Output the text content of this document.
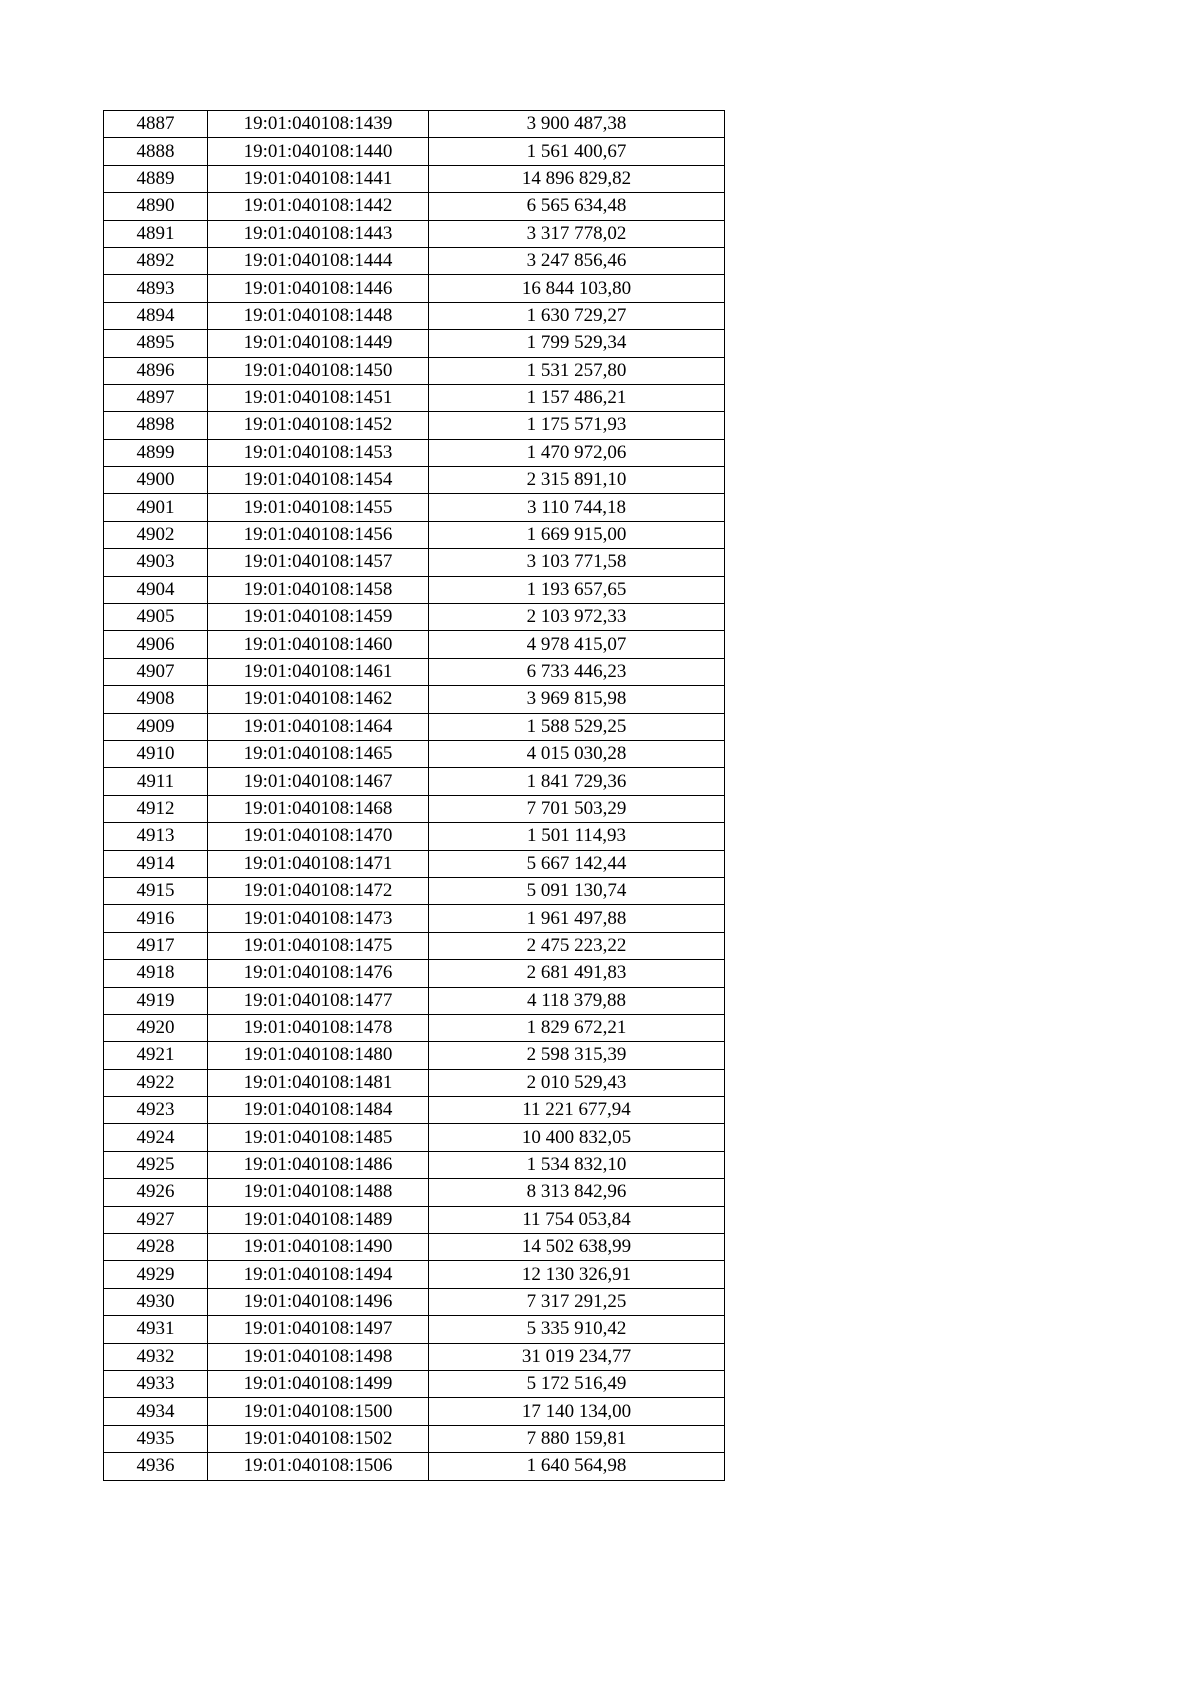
4887	19:01:040108:1439	3 900 487,38
4888	19:01:040108:1440	1 561 400,67
4889	19:01:040108:1441	14 896 829,82
4890	19:01:040108:1442	6 565 634,48
4891	19:01:040108:1443	3 317 778,02
4892	19:01:040108:1444	3 247 856,46
4893	19:01:040108:1446	16 844 103,80
4894	19:01:040108:1448	1 630 729,27
4895	19:01:040108:1449	1 799 529,34
4896	19:01:040108:1450	1 531 257,80
4897	19:01:040108:1451	1 157 486,21
4898	19:01:040108:1452	1 175 571,93
4899	19:01:040108:1453	1 470 972,06
4900	19:01:040108:1454	2 315 891,10
4901	19:01:040108:1455	3 110 744,18
4902	19:01:040108:1456	1 669 915,00
4903	19:01:040108:1457	3 103 771,58
4904	19:01:040108:1458	1 193 657,65
4905	19:01:040108:1459	2 103 972,33
4906	19:01:040108:1460	4 978 415,07
4907	19:01:040108:1461	6 733 446,23
4908	19:01:040108:1462	3 969 815,98
4909	19:01:040108:1464	1 588 529,25
4910	19:01:040108:1465	4 015 030,28
4911	19:01:040108:1467	1 841 729,36
4912	19:01:040108:1468	7 701 503,29
4913	19:01:040108:1470	1 501 114,93
4914	19:01:040108:1471	5 667 142,44
4915	19:01:040108:1472	5 091 130,74
4916	19:01:040108:1473	1 961 497,88
4917	19:01:040108:1475	2 475 223,22
4918	19:01:040108:1476	2 681 491,83
4919	19:01:040108:1477	4 118 379,88
4920	19:01:040108:1478	1 829 672,21
4921	19:01:040108:1480	2 598 315,39
4922	19:01:040108:1481	2 010 529,43
4923	19:01:040108:1484	11 221 677,94
4924	19:01:040108:1485	10 400 832,05
4925	19:01:040108:1486	1 534 832,10
4926	19:01:040108:1488	8 313 842,96
4927	19:01:040108:1489	11 754 053,84
4928	19:01:040108:1490	14 502 638,99
4929	19:01:040108:1494	12 130 326,91
4930	19:01:040108:1496	7 317 291,25
4931	19:01:040108:1497	5 335 910,42
4932	19:01:040108:1498	31 019 234,77
4933	19:01:040108:1499	5 172 516,49
4934	19:01:040108:1500	17 140 134,00
4935	19:01:040108:1502	7 880 159,81
4936	19:01:040108:1506	1 640 564,98
